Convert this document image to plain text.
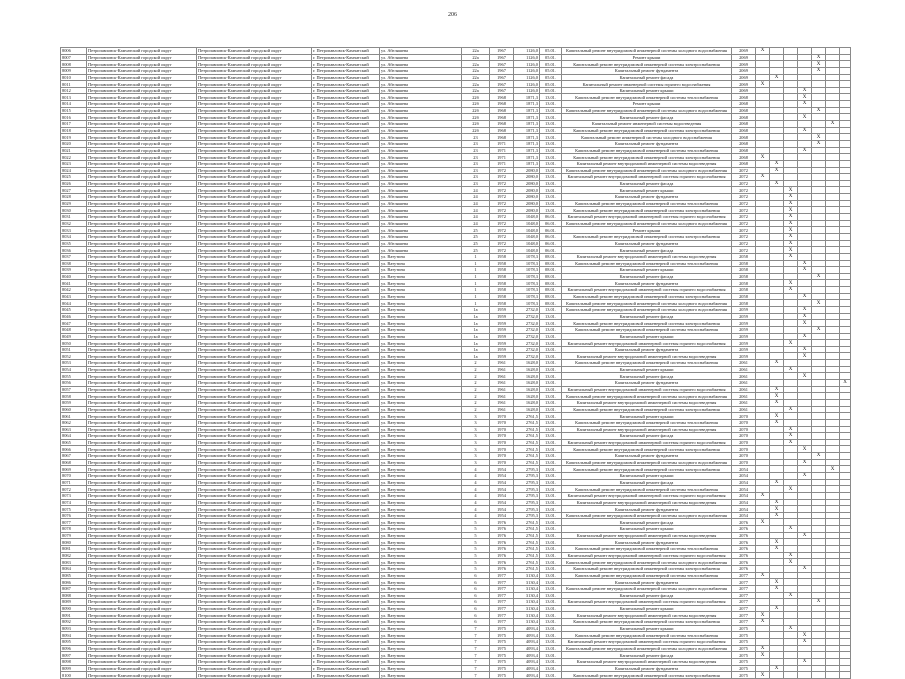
206
8006	Петропавловск-Камчатский городской округ	Петропавловск-Камчатский городской округ	г. Петропавловск-Камчатский	ул. Абеляшева	22а	1967	1126,0	05.01.	Капитальный ремонт внутридомовой инженерной системы холодного водоснабжения	2069	X						
8007	Петропавловск-Камчатский городской округ	Петропавловск-Камчатский городской округ	г. Петропавловск-Камчатский	ул. Абеляшева	22а	1967	1126,0	05.01.	Ремонт крыши	2069					X		
8008	Петропавловск-Камчатский городской округ	Петропавловск-Камчатский городской округ	г. Петропавловск-Камчатский	ул. Абеляшева	22а	1967	1126,0	05.01.	Капитальный ремонт внутридомовой инженерной системы электроснабжения	2069					X		
8009	Петропавловск-Камчатский городской округ	Петропавловск-Камчатский городской округ	г. Петропавловск-Камчатский	ул. Абеляшева	22а	1967	1126,0	05.01.	Капитальный ремонт фундамента	2069					X		
8010	Петропавловск-Камчатский городской округ	Петропавловск-Камчатский городской округ	г. Петропавловск-Камчатский	ул. Абеляшева	22а	1967	1126,0	05.01.	Капитальный ремонт фасада	2069		X					
8011	Петропавловск-Камчатский городской округ	Петропавловск-Камчатский городской округ	г. Петропавловск-Камчатский	ул. Абеляшева	22а	1967	1126,0	05.01.	Капитальный ремонт инженерной системы горячего водоснабжения	2069	X						
8012	Петропавловск-Камчатский городской округ	Петропавловск-Камчатский городской округ	г. Петропавловск-Камчатский	ул. Абеляшева	22а	1967	1126,0	05.01.	Капитальный ремонт крыши	2069				X			
8013	Петропавловск-Камчатский городской округ	Петропавловск-Камчатский городской округ	г. Петропавловск-Камчатский	ул. Абеляшева	22б	1968	1871,3	13.01.	Капитальный ремонт внутридомовой инженерной системы теплоснабжения	2068				X			
8014	Петропавловск-Камчатский городской округ	Петропавловск-Камчатский городской округ	г. Петропавловск-Камчатский	ул. Абеляшева	22б	1968	1871,3	13.01.	Ремонт крыши	2068				X			
8015	Петропавловск-Камчатский городской округ	Петропавловск-Камчатский городской округ	г. Петропавловск-Камчатский	ул. Абеляшева	22б	1968	1871,3	13.01.	Капитальный ремонт внутридомовой инженерной системы холодного водоснабжения	2068					X		
8016	Петропавловск-Камчатский городской округ	Петропавловск-Камчатский городской округ	г. Петропавловск-Камчатский	ул. Абеляшева	22б	1968	1871,3	13.01.	Капитальный ремонт фасада	2068				X			
8017	Петропавловск-Камчатский городской округ	Петропавловск-Камчатский городской округ	г. Петропавловск-Камчатский	ул. Абеляшева	22б	1968	1871,3	13.01.	Капитальный ремонт инженерной системы водоотведения	2068						X	
8018	Петропавловск-Камчатский городской округ	Петропавловск-Камчатский городской округ	г. Петропавловск-Камчатский	ул. Абеляшева	22б	1968	1871,3	13.01.	Капитальный ремонт внутридомовой инженерной системы электроснабжения	2068				X			
8019	Петропавловск-Камчатский городской округ	Петропавловск-Камчатский городской округ	г. Петропавловск-Камчатский	ул. Абеляшева	23	1968	1871,3	13.01.	Капитальный ремонт инженерной системы холодного водоснабжения	2068					X		
8020	Петропавловск-Камчатский городской округ	Петропавловск-Камчатский городской округ	г. Петропавловск-Камчатский	ул. Абеляшева	23	1971	1871,3	13.01.	Капитальный ремонт фундамента	2068					X		
8021	Петропавловск-Камчатский городской округ	Петропавловск-Камчатский городской округ	г. Петропавловск-Камчатский	ул. Абеляшева	23	1971	1871,3	13.01.	Капитальный ремонт внутридомовой инженерной системы теплоснабжения	2068				X			
8022	Петропавловск-Камчатский городской округ	Петропавловск-Камчатский городской округ	г. Петропавловск-Камчатский	ул. Абеляшева	23	1971	1871,3	13.01.	Капитальный ремонт внутридомовой инженерной системы электроснабжения	2068	X						
8023	Петропавловск-Камчатский городской округ	Петропавловск-Камчатский городской округ	г. Петропавловск-Камчатский	ул. Абеляшева	23	1971	1871,3	13.01.	Капитальный ремонт внутридомовой инженерной системы водоотведения	2068		X					
8024	Петропавловск-Камчатский городской округ	Петропавловск-Камчатский городской округ	г. Петропавловск-Камчатский	ул. Абеляшева	23	1972	2080,0	13.01.	Капитальный ремонт внутридомовой инженерной системы холодного водоснабжения	2072		X					
8025	Петропавловск-Камчатский городской округ	Петропавловск-Камчатский городской округ	г. Петропавловск-Камчатский	ул. Абеляшева	23	1972	2080,0	13.01.	Капитальный ремонт внутридомовой инженерной системы горячего водоснабжения	2072	X						
8026	Петропавловск-Камчатский городской округ	Петропавловск-Камчатский городской округ	г. Петропавловск-Камчатский	ул. Абеляшева	23	1972	2080,0	13.01.	Капитальный ремонт фасада	2072		X					
8027	Петропавловск-Камчатский городской округ	Петропавловск-Камчатский городской округ	г. Петропавловск-Камчатский	ул. Абеляшева	24	1972	2080,0	13.01.	Капитальный ремонт крыши	2072			X				
8028	Петропавловск-Камчатский городской округ	Петропавловск-Камчатский городской округ	г. Петропавловск-Камчатский	ул. Абеляшева	24	1972	2080,0	13.01.	Капитальный ремонт фундамента	2072			X				
8029	Петропавловск-Камчатский городской округ	Петропавловск-Камчатский городской округ	г. Петропавловск-Камчатский	ул. Абеляшева	24	1972	2080,0	13.01.	Капитальный ремонт внутридомовой инженерной системы теплоснабжения	2072			X				
8030	Петропавловск-Камчатский городской округ	Петропавловск-Камчатский городской округ	г. Петропавловск-Камчатский	ул. Абеляшева	24	1972	2080,0	13.01.	Капитальный ремонт внутридомовой инженерной системы электроснабжения	2072			X				
8031	Петропавловск-Камчатский городской округ	Петропавловск-Камчатский городской округ	г. Петропавловск-Камчатский	ул. Абеляшева	24	1972	1048,0	06.01.	Капитальный ремонт внутридомовой инженерной системы горячего водоснабжения	2072			X				
8032	Петропавловск-Камчатский городской округ	Петропавловск-Камчатский городской округ	г. Петропавловск-Камчатский	ул. Абеляшева	24	1972	1048,0	06.01.	Капитальный ремонт внутридомовой инженерной системы холодного водоснабжения	2072			X				
8033	Петропавловск-Камчатский городской округ	Петропавловск-Камчатский городской округ	г. Петропавловск-Камчатский	ул. Абеляшева	25	1972	1048,0	06.01.	Ремонт крыши	2072			X				
8034	Петропавловск-Камчатский городской округ	Петропавловск-Камчатский городской округ	г. Петропавловск-Камчатский	ул. Абеляшева	25	1972	1048,0	06.01.	Капитальный ремонт внутридомовой инженерной системы электроснабжения	2072			X				
8035	Петропавловск-Камчатский городской округ	Петропавловск-Камчатский городской округ	г. Петропавловск-Камчатский	ул. Абеляшева	25	1972	1048,0	06.01.	Капитальный ремонт фундамента	2072			X				
8036	Петропавловск-Камчатский городской округ	Петропавловск-Камчатский городской округ	г. Петропавловск-Камчатский	ул. Абеляшева	25	1972	1048,0	06.01.	Капитальный ремонт фасада	2072			X				
8037	Петропавловск-Камчатский городской округ	Петропавловск-Камчатский городской округ	г. Петропавловск-Камчатский	ул. Ватутина	1	1958	1078,3	08.01.	Капитальный ремонт внутридомовой инженерной системы водоотведения	2058			X				
8038	Петропавловск-Камчатский городской округ	Петропавловск-Камчатский городской округ	г. Петропавловск-Камчатский	ул. Ватутина	1	1958	1078,3	08.01.	Капитальный ремонт внутридомовой инженерной системы теплоснабжения	2058				X			
8039	Петропавловск-Камчатский городской округ	Петропавловск-Камчатский городской округ	г. Петропавловск-Камчатский	ул. Ватутина	1	1958	1078,3	08.01.	Капитальный ремонт крыши	2058				X			
8040	Петропавловск-Камчатский городской округ	Петропавловск-Камчатский городской округ	г. Петропавловск-Камчатский	ул. Ватутина	1	1958	1078,3	08.01.	Капитальный ремонт фасада	2058					X		
8041	Петропавловск-Камчатский городской округ	Петропавловск-Камчатский городской округ	г. Петропавловск-Камчатский	ул. Ватутина	1	1958	1078,3	08.01.	Капитальный ремонт фундамента	2058			X				
8042	Петропавловск-Камчатский городской округ	Петропавловск-Камчатский городской округ	г. Петропавловск-Камчатский	ул. Ватутина	1	1958	1078,3	08.01.	Капитальный ремонт внутридомовой инженерной системы горячего водоснабжения	2058			X				
8043	Петропавловск-Камчатский городской округ	Петропавловск-Камчатский городской округ	г. Петропавловск-Камчатский	ул. Ватутина	1	1958	1078,3	08.01.	Капитальный ремонт внутридомовой инженерной системы электроснабжения	2058				X			
8044	Петропавловск-Камчатский городской округ	Петропавловск-Камчатский городской округ	г. Петропавловск-Камчатский	ул. Ватутина	1	1958	1078,3	08.01.	Капитальный ремонт внутридомовой инженерной системы холодного водоснабжения	2058					X		
8045	Петропавловск-Камчатский городской округ	Петропавловск-Камчатский городской округ	г. Петропавловск-Камчатский	ул. Ватутина	1а	1959	2732,0	13.01.	Капитальный ремонт внутридомовой инженерной системы холодного водоснабжения	2059				X			
8046	Петропавловск-Камчатский городской округ	Петропавловск-Камчатский городской округ	г. Петропавловск-Камчатский	ул. Ватутина	1а	1959	2732,0	13.01.	Капитальный ремонт фасада	2059				X			
8047	Петропавловск-Камчатский городской округ	Петропавловск-Камчатский городской округ	г. Петропавловск-Камчатский	ул. Ватутина	1а	1959	2732,0	13.01.	Капитальный ремонт внутридомовой инженерной системы электроснабжения	2059				X			
8048	Петропавловск-Камчатский городской округ	Петропавловск-Камчатский городской округ	г. Петропавловск-Камчатский	ул. Ватутина	1а	1959	2732,0	13.01.	Капитальный ремонт внутридомовой инженерной системы теплоснабжения	2059					X		
8049	Петропавловск-Камчатский городской округ	Петропавловск-Камчатский городской округ	г. Петропавловск-Камчатский	ул. Ватутина	1а	1959	2732,0	13.01.	Капитальный ремонт крыши	2059				X			
8050	Петропавловск-Камчатский городской округ	Петропавловск-Камчатский городской округ	г. Петропавловск-Камчатский	ул. Ватутина	1а	1959	2732,0	13.01.	Капитальный ремонт внутридомовой инженерной системы горячего водоснабжения	2059			X				
8051	Петропавловск-Камчатский городской округ	Петропавловск-Камчатский городской округ	г. Петропавловск-Камчатский	ул. Ватутина	1а	1959	2732,0	13.01.	Капитальный ремонт фундамента	2059				X			
8052	Петропавловск-Камчатский городской округ	Петропавловск-Камчатский городской округ	г. Петропавловск-Камчатский	ул. Ватутина	1а	1959	2732,0	13.01.	Капитальный ремонт внутридомовой инженерной системы водоотведения	2059				X			
8053	Петропавловск-Камчатский городской округ	Петропавловск-Камчатский городской округ	г. Петропавловск-Камчатский	ул. Ватутина	2	1961	1628,0	13.01.	Капитальный ремонт внутридомовой инженерной системы теплоснабжения	2061		X					
8054	Петропавловск-Камчатский городской округ	Петропавловск-Камчатский городской округ	г. Петропавловск-Камчатский	ул. Ватутина	2	1961	1628,0	13.01.	Капитальный ремонт крыши	2061			X				
8055	Петропавловск-Камчатский городской округ	Петропавловск-Камчатский городской округ	г. Петропавловск-Камчатский	ул. Ватутина	2	1961	1628,0	13.01.	Капитальный ремонт фасада	2061				X			
8056	Петропавловск-Камчатский городской округ	Петропавловск-Камчатский городской округ	г. Петропавловск-Камчатский	ул. Ватутина	2	1961	1628,0	13.01.	Капитальный ремонт фундамента	2061							X
8057	Петропавловск-Камчатский городской округ	Петропавловск-Камчатский городской округ	г. Петропавловск-Камчатский	ул. Ватутина	2	1961	1628,0	13.01.	Капитальный ремонт внутридомовой инженерной системы горячего водоснабжения	2061		X					
8058	Петропавловск-Камчатский городской округ	Петропавловск-Камчатский городской округ	г. Петропавловск-Камчатский	ул. Ватутина	2	1961	1628,0	13.01.	Капитальный ремонт внутридомовой инженерной системы холодного водоснабжения	2061		X					
8059	Петропавловск-Камчатский городской округ	Петропавловск-Камчатский городской округ	г. Петропавловск-Камчатский	ул. Ватутина	2	1961	1628,0	13.01.	Капитальный ремонт внутридомовой инженерной системы водоотведения	2061		X					
8060	Петропавловск-Камчатский городской округ	Петропавловск-Камчатский городской округ	г. Петропавловск-Камчатский	ул. Ватутина	2	1961	1628,0	13.01.	Капитальный ремонт внутридомовой инженерной системы электроснабжения	2061			X				
8061	Петропавловск-Камчатский городской округ	Петропавловск-Камчатский городской округ	г. Петропавловск-Камчатский	ул. Ватутина	3	1970	2761,5	13.01.	Капитальный ремонт крыши	2070		X					
8062	Петропавловск-Камчатский городской округ	Петропавловск-Камчатский городской округ	г. Петропавловск-Камчатский	ул. Ватутина	3	1970	2761,5	13.01.	Капитальный ремонт внутридомовой инженерной системы теплоснабжения	2070		X					
8063	Петропавловск-Камчатский городской округ	Петропавловск-Камчатский городской округ	г. Петропавловск-Камчатский	ул. Ватутина	3	1970	2761,5	13.01.	Капитальный ремонт внутридомовой инженерной системы водоотведения	2070			X				
8064	Петропавловск-Камчатский городской округ	Петропавловск-Камчатский городской округ	г. Петропавловск-Камчатский	ул. Ватутина	3	1970	2761,5	13.01.	Капитальный ремонт фасада	2070			X				
8065	Петропавловск-Камчатский городской округ	Петропавловск-Камчатский городской округ	г. Петропавловск-Камчатский	ул. Ватутина	3	1970	2761,5	13.01.	Капитальный ремонт внутридомовой инженерной системы горячего водоснабжения	2070			X				
8066	Петропавловск-Камчатский городской округ	Петропавловск-Камчатский городской округ	г. Петропавловск-Камчатский	ул. Ватутина	3	1970	2761,5	13.01.	Капитальный ремонт внутридомовой инженерной системы электроснабжения	2070				X			
8067	Петропавловск-Камчатский городской округ	Петропавловск-Камчатский городской округ	г. Петропавловск-Камчатский	ул. Ватутина	3	1970	2761,5	13.01.	Капитальный ремонт фундамента	2070					X		
8068	Петропавловск-Камчатский городской округ	Петропавловск-Камчатский городской округ	г. Петропавловск-Камчатский	ул. Ватутина	3	1970	2761,5	13.01.	Капитальный ремонт внутридомовой инженерной системы холодного водоснабжения	2070				X			
8069	Петропавловск-Камчатский городской округ	Петропавловск-Камчатский городской округ	г. Петропавловск-Камчатский	ул. Ватутина	4	1954	2795,3	13.01.	Капитальный ремонт внутридомовой инженерной системы электроснабжения	2054						X	
8070	Петропавловск-Камчатский городской округ	Петропавловск-Камчатский городской округ	г. Петропавловск-Камчатский	ул. Ватутина	4	1954	2795,3	13.01.	Капитальный ремонт крыши	2054				X			
8071	Петропавловск-Камчатский городской округ	Петропавловск-Камчатский городской округ	г. Петропавловск-Камчатский	ул. Ватутина	4	1954	2795,3	13.01.	Капитальный ремонт фасада	2054		X					
8072	Петропавловск-Камчатский городской округ	Петропавловск-Камчатский городской округ	г. Петропавловск-Камчатский	ул. Ватутина	4	1954	2795,3	13.01.	Капитальный ремонт внутридомовой инженерной системы теплоснабжения	2054			X				
8073	Петропавловск-Камчатский городской округ	Петропавловск-Камчатский городской округ	г. Петропавловск-Камчатский	ул. Ватутина	4	1954	2795,3	13.01.	Капитальный ремонт внутридомовой инженерной системы горячего водоснабжения	2054	X						
8074	Петропавловск-Камчатский городской округ	Петропавловск-Камчатский городской округ	г. Петропавловск-Камчатский	ул. Ватутина	4	1954	2795,3	13.01.	Капитальный ремонт внутридомовой инженерной системы водоотведения	2054		X					
8075	Петропавловск-Камчатский городской округ	Петропавловск-Камчатский городской округ	г. Петропавловск-Камчатский	ул. Ватутина	4	1954	2795,3	13.01.	Капитальный ремонт фундамента	2054		X					
8076	Петропавловск-Камчатский городской округ	Петропавловск-Камчатский городской округ	г. Петропавловск-Камчатский	ул. Ватутина	4	1954	2795,3	13.01.	Капитальный ремонт внутридомовой инженерной системы холодного водоснабжения	2054		X					
8077	Петропавловск-Камчатский городской округ	Петропавловск-Камчатский городской округ	г. Петропавловск-Камчатский	ул. Ватутина	5	1976	2761,5	13.01.	Капитальный ремонт фасада	2076	X						
8078	Петропавловск-Камчатский городской округ	Петропавловск-Камчатский городской округ	г. Петропавловск-Камчатский	ул. Ватутина	5	1976	2761,5	13.01.	Капитальный ремонт крыши	2076			X				
8079	Петропавловск-Камчатский городской округ	Петропавловск-Камчатский городской округ	г. Петропавловск-Камчатский	ул. Ватутина	5	1976	2761,5	13.01.	Капитальный ремонт внутридомовой инженерной системы водоотведения	2076				X			
8080	Петропавловск-Камчатский городской округ	Петропавловск-Камчатский городской округ	г. Петропавловск-Камчатский	ул. Ватутина	5	1976	2761,5	13.01.	Капитальный ремонт фундамента	2076		X					
8081	Петропавловск-Камчатский городской округ	Петропавловск-Камчатский городской округ	г. Петропавловск-Камчатский	ул. Ватутина	5	1976	2761,5	13.01.	Капитальный ремонт внутридомовой инженерной системы теплоснабжения	2076		X					
8082	Петропавловск-Камчатский городской округ	Петропавловск-Камчатский городской округ	г. Петропавловск-Камчатский	ул. Ватутина	5	1976	2761,5	13.01.	Капитальный ремонт внутридомовой инженерной системы горячего водоснабжения	2076			X				
8083	Петропавловск-Камчатский городской округ	Петропавловск-Камчатский городской округ	г. Петропавловск-Камчатский	ул. Ватутина	5	1976	2761,5	13.01.	Капитальный ремонт внутридомовой инженерной системы холодного водоснабжения	2076			X				
8084	Петропавловск-Камчатский городской округ	Петропавловск-Камчатский городской округ	г. Петропавловск-Камчатский	ул. Ватутина	5	1976	2761,5	13.01.	Капитальный ремонт внутридомовой инженерной системы электроснабжения	2076				X			
8085	Петропавловск-Камчатский городской округ	Петропавловск-Камчатский городской округ	г. Петропавловск-Камчатский	ул. Ватутина	6	1977	3130,4	13.01.	Капитальный ремонт внутридомовой инженерной системы теплоснабжения	2077	X						
8086	Петропавловск-Камчатский городской округ	Петропавловск-Камчатский городской округ	г. Петропавловск-Камчатский	ул. Ватутина	6	1977	3130,4	13.01.	Капитальный ремонт фундамента	2077		X					
8087	Петропавловск-Камчатский городской округ	Петропавловск-Камчатский городской округ	г. Петропавловск-Камчатский	ул. Ватутина	6	1977	3130,4	13.01.	Капитальный ремонт внутридомовой инженерной системы холодного водоснабжения	2077		X					
8088	Петропавловск-Камчатский городской округ	Петропавловск-Камчатский городской округ	г. Петропавловск-Камчатский	ул. Ватутина	6	1977	3130,4	13.01.	Капитальный ремонт фасада	2077			X				
8089	Петропавловск-Камчатский городской округ	Петропавловск-Камчатский городской округ	г. Петропавловск-Камчатский	ул. Ватутина	6	1977	3130,4	13.01.	Капитальный ремонт внутридомовой инженерной системы горячего водоснабжения	2077					X		
8090	Петропавловск-Камчатский городской округ	Петропавловск-Камчатский городской округ	г. Петропавловск-Камчатский	ул. Ватутина	6	1977	3130,4	13.01.	Капитальный ремонт крыши	2077		X					
8091	Петропавловск-Камчатский городской округ	Петропавловск-Камчатский городской округ	г. Петропавловск-Камчатский	ул. Ватутина	6	1977	3130,4	13.01.	Капитальный ремонт внутридомовой инженерной системы водоотведения	2077	X						
8092	Петропавловск-Камчатский городской округ	Петропавловск-Камчатский городской округ	г. Петропавловск-Камчатский	ул. Ватутина	6	1977	3130,4	13.01.	Капитальный ремонт внутридомовой инженерной системы электроснабжения	2077	X						
8093	Петропавловск-Камчатский городской округ	Петропавловск-Камчатский городской округ	г. Петропавловск-Камчатский	ул. Ватутина	7	1975	4093,4	13.01.	Капитальный ремонт крыши	2075			X				
8094	Петропавловск-Камчатский городской округ	Петропавловск-Камчатский городской округ	г. Петропавловск-Камчатский	ул. Ватутина	7	1975	4093,4	13.01.	Капитальный ремонт внутридомовой инженерной системы теплоснабжения	2075				X			
8095	Петропавловск-Камчатский городской округ	Петропавловск-Камчатский городской округ	г. Петропавловск-Камчатский	ул. Ватутина	7	1975	4093,4	13.01.	Капитальный ремонт внутридомовой инженерной системы горячего водоснабжения	2075				X			
8096	Петропавловск-Камчатский городской округ	Петропавловск-Камчатский городской округ	г. Петропавловск-Камчатский	ул. Ватутина	7	1975	4093,4	13.01.	Капитальный ремонт внутридомовой инженерной системы холодного водоснабжения	2075	X						
8097	Петропавловск-Камчатский городской округ	Петропавловск-Камчатский городской округ	г. Петропавловск-Камчатский	ул. Ватутина	7	1975	4093,4	13.01.	Капитальный ремонт фасада	2075	X						
8098	Петропавловск-Камчатский городской округ	Петропавловск-Камчатский городской округ	г. Петропавловск-Камчатский	ул. Ватутина	7	1975	4093,4	13.01.	Капитальный ремонт внутридомовой инженерной системы водоотведения	2075				X			
8099	Петропавловск-Камчатский городской округ	Петропавловск-Камчатский городской округ	г. Петропавловск-Камчатский	ул. Ватутина	7	1975	4093,4	13.01.	Капитальный ремонт фундамента	2075		X					
8100	Петропавловск-Камчатский городской округ	Петропавловск-Камчатский городской округ	г. Петропавловск-Камчатский	ул. Ватутина	7	1975	4093,4	13.01.	Капитальный ремонт внутридомовой инженерной системы электроснабжения	2075	X						
